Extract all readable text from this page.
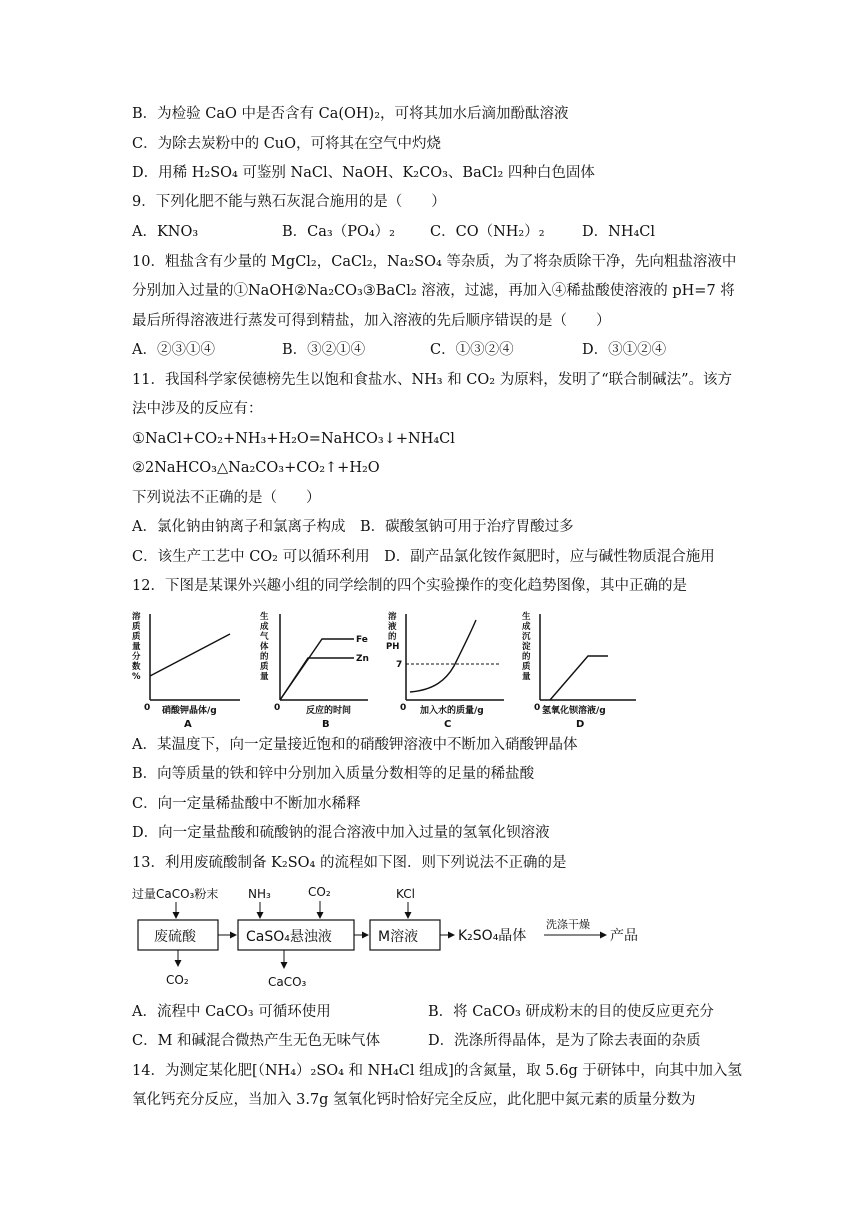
B．为检验 CaO 中是否含有 Ca(OH)₂，可将其加水后滴加酚酞溶液
C．为除去炭粉中的 CuO，可将其在空气中灼烧
D．用稀 H₂SO₄ 可鉴别 NaCl、NaOH、K₂CO₃、BaCl₂ 四种白色固体
9．下列化肥不能与熟石灰混合施用的是（　　）
A．KNO₃	B．Ca₃（PO₄）₂ C．CO（NH₂）₂	D．NH₄Cl
10．粗盐含有少量的 MgCl₂，CaCl₂，Na₂SO₄ 等杂质，为了将杂质除干净，先向粗盐溶液中
分别加入过量的①NaOH②Na₂CO₃③BaCl₂ 溶液，过滤，再加入④稀盐酸使溶液的 pH=7 将
最后所得溶液进行蒸发可得到精盐，加入溶液的先后顺序错误的是（　　）
A．②③①④	B．③②①④	C．①③②④	D．③①②④
11．我国科学家侯德榜先生以饱和食盐水、NH₃ 和 CO₂ 为原料，发明了“联合制碱法”。该方
法中涉及的反应有：
①NaCl+CO₂+NH₃+H₂O=NaHCO₃↓+NH₄Cl
②2NaHCO₃△Na₂CO₃+CO₂↑+H₂O
下列说法不正确的是（　　）
A．氯化钠由钠离子和氯离子构成　B．碳酸氢钠可用于治疗胃酸过多
C．该生产工艺中 CO₂ 可以循环利用　D．副产品氯化铵作氮肥时，应与碱性物质混合施用
12．下图是某课外兴趣小组的同学绘制的四个实验操作的变化趋势图像，其中正确的是
溶
质
质
量
分
数
%
0 硝酸钾晶体/g
A
生
成
气
体
的
质
量
Fe
Zn
0	反应的时间
B
溶
液
的
PH
7
0 加入水的质量/g
C
生
成
沉
淀
的
质
量
0 氢氧化钡溶液/g
D
A．某温度下，向一定量接近饱和的硝酸钾溶液中不断加入硝酸钾晶体
B．向等质量的铁和锌中分别加入质量分数相等的足量的稀盐酸
C．向一定量稀盐酸中不断加水稀释
D．向一定量盐酸和硫酸钠的混合溶液中加入过量的氢氧化钡溶液
13．利用废硫酸制备 K₂SO₄ 的流程如下图．则下列说法不正确的是
过量CaCO₃粉末
废硫酸
CO₂
NH₃	CO₂
CaSO₄悬浊液
CaCO₃
KCl
M溶液	K₂SO₄晶体
洗涤干燥
产品
A．流程中 CaCO₃ 可循环使用	B．将 CaCO₃ 研成粉末的目的使反应更充分
C．M 和碱混合微热产生无色无味气体	D．洗涤所得晶体，是为了除去表面的杂质
14．为测定某化肥[（NH₄）₂SO₄ 和 NH₄Cl 组成]的含氮量，取 5.6g 于研钵中，向其中加入氢
氧化钙充分反应，当加入 3.7g 氢氧化钙时恰好完全反应，此化肥中氮元素的质量分数为
